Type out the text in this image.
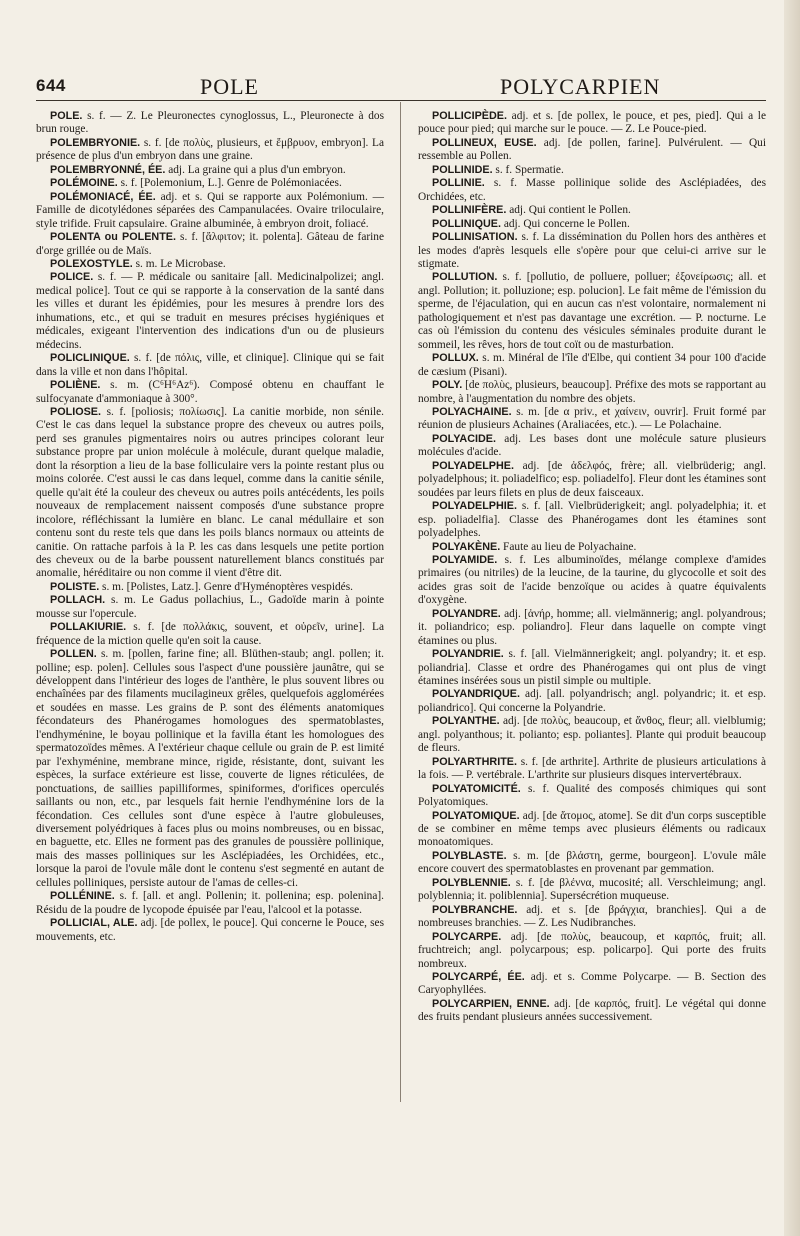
644	POLE	POLYCARPIEN

POLE. s. f. — Z. Le Pleuronectes cynoglossus, L., Pleuronecte à dos brun rouge.

POLEMBRYONIE. s. f. [de πολὺς, plusieurs, et ἔμβρυον, embryon]. La présence de plus d'un embryon dans une graine.

POLEMBRYONNÉ, ÉE. adj. La graine qui a plus d'un embryon.

POLÉMOINE. s. f. [Polemonium, L.]. Genre de Polémoniacées.

POLÉMONIACÉ, ÉE. adj. et s. Qui se rapporte aux Polémonium. — Famille de dicotylédones séparées des Campanulacées. Ovaire triloculaire, style trifide. Fruit capsulaire. Graine albuminée, à embryon droit, foliacé.

POLENTA ou POLENTE. s. f. [ἄλφιτον; it. polenta]. Gâteau de farine d'orge grillée ou de Maïs.

POLEXOSTYLE. s. m. Le Microbase.

POLICE. s. f. — P. médicale ou sanitaire [all. Medicinalpolizei; angl. medical police]. Tout ce qui se rapporte à la conservation de la santé dans les villes et durant les épidémies, pour les mesures à prendre lors des inhumations, etc., et qui se traduit en mesures précises hygiéniques et médicales, exigeant l'intervention des indications d'un ou de plusieurs médecins.

POLICLINIQUE. s. f. [de πόλις, ville, et clinique]. Clinique qui se fait dans la ville et non dans l'hôpital.

POLIÈNE. s. m. (C⁶H⁶Az⁶). Composé obtenu en chauffant le sulfocyanate d'ammoniaque à 300°.

POLIOSE. s. f. [poliosis; πολίωσις]. La canitie morbide, non sénile. C'est le cas dans lequel la substance propre des cheveux ou autres poils, perd ses granules pigmentaires noirs ou autres principes colorant leur substance propre par union molécule à molécule, durant quelque maladie, dont la résorption a lieu de la base folliculaire vers la pointe restant plus ou moins colorée. C'est aussi le cas dans lequel, comme dans la canitie sénile, quelle qu'ait été la couleur des cheveux ou autres poils antécédents, les poils nouveaux de remplacement naissent composés d'une substance propre incolore, réfléchissant la lumière en blanc. Le canal médullaire et son contenu sont du reste tels que dans les poils blancs normaux ou atteints de canitie. On rattache parfois à la P. les cas dans lesquels une petite portion des cheveux ou de la barbe poussent naturellement blancs constitués par anomalie, héréditaire ou non comme il vient d'être dit.

POLISTE. s. m. [Polistes, Latz.]. Genre d'Hyménoptères vespidés.

POLLACH. s. m. Le Gadus pollachius, L., Gadoïde marin à pointe mousse sur l'opercule.

POLLAKIURIE. s. f. [de πολλάκις, souvent, et οὐρεῖν, urine]. La fréquence de la miction quelle qu'en soit la cause.

POLLEN. s. m. [pollen, farine fine; all. Blüthen-staub; angl. pollen; it. polline; esp. polen]. Cellules sous l'aspect d'une poussière jaunâtre, qui se développent dans l'intérieur des loges de l'anthère, le plus souvent libres ou enchaînées par des filaments mucilagineux grêles, quelquefois agglomérées et soudées en masse. Les grains de P. sont des éléments anatomiques fécondateurs des Phanérogames homologues des spermatoblastes, l'endhyménine, le boyau pollinique et la favilla étant les homologues des spermatozoïdes mêmes. A l'extérieur chaque cellule ou grain de P. est limité par l'exhyménine, membrane mince, rigide, résistante, dont, suivant les espèces, la surface extérieure est lisse, couverte de lignes réticulées, de ponctuations, de saillies papilliformes, spiniformes, d'orifices operculés saillants ou non, etc., par lesquels fait hernie l'endhyménine lors de la fécondation. Ces cellules sont d'une espèce à l'autre globuleuses, diversement polyédriques à faces plus ou moins nombreuses, ou en bissac, en baguette, etc. Elles ne forment pas des granules de poussière pollinique, mais des masses polliniques sur les Asclépiadées, les Orchidées, etc., lorsque la paroi de l'ovule mâle dont le contenu s'est segmenté en autant de cellules polliniques, persiste autour de l'amas de celles-ci.

POLLÉNINE. s. f. [all. et angl. Pollenin; it. pollenina; esp. polenina]. Résidu de la poudre de lycopode épuisée par l'eau, l'alcool et la potasse.

POLLICIAL, ALE. adj. [de pollex, le pouce]. Qui concerne le Pouce, ses mouvements, etc.

POLLICIPÈDE. adj. et s. [de pollex, le pouce, et pes, pied]. Qui a le pouce pour pied; qui marche sur le pouce. — Z. Le Pouce-pied.

POLLINEUX, EUSE. adj. [de pollen, farine]. Pulvérulent. — Qui ressemble au Pollen.

POLLINIDE. s. f. Spermatie.

POLLINIE. s. f. Masse pollinique solide des Asclépiadées, des Orchidées, etc.

POLLINIFÈRE. adj. Qui contient le Pollen.

POLLINIQUE. adj. Qui concerne le Pollen.

POLLINISATION. s. f. La dissémination du Pollen hors des anthères et les modes d'après lesquels elle s'opère pour que celui-ci arrive sur le stigmate.

POLLUTION. s. f. [pollutio, de polluere, polluer; ἐξονείρωσις; all. et angl. Pollution; it. polluzione; esp. polucion]. Le fait même de l'émission du sperme, de l'éjaculation, qui en aucun cas n'est volontaire, normalement ni pathologiquement et n'est pas davantage une excrétion. — P. nocturne. Le cas où l'émission du contenu des vésicules séminales produite durant le sommeil, les rêves, hors de tout coït ou de masturbation.

POLLUX. s. m. Minéral de l'île d'Elbe, qui contient 34 pour 100 d'acide de cæsium (Pisani).

POLY. [de πολὺς, plusieurs, beaucoup]. Préfixe des mots se rapportant au nombre, à l'augmentation du nombre des objets.

POLYACHAINE. s. m. [de α priv., et χαίνειν, ouvrir]. Fruit formé par réunion de plusieurs Achaines (Araliacées, etc.). — Le Polachaine.

POLYACIDE. adj. Les bases dont une molécule sature plusieurs molécules d'acide.

POLYADELPHE. adj. [de ἀδελφός, frère; all. vielbrüderig; angl. polyadelphous; it. poliadelfico; esp. poliadelfo]. Fleur dont les étamines sont soudées par leurs filets en plus de deux faisceaux.

POLYADELPHIE. s. f. [all. Vielbrüderigkeit; angl. polyadelphia; it. et esp. poliadelfia]. Classe des Phanérogames dont les étamines sont polyadelphes.

POLYAKÈNE. Faute au lieu de Polyachaine.

POLYAMIDE. s. f. Les albuminoïdes, mélange complexe d'amides primaires (ou nitriles) de la leucine, de la taurine, du glycocolle et soit des acides gras soit de l'acide benzoïque ou acides à quatre équivalents d'oxygène.

POLYANDRE. adj. [ἀνήρ, homme; all. vielmännerig; angl. polyandrous; it. poliandrico; esp. poliandro]. Fleur dans laquelle on compte vingt étamines ou plus.

POLYANDRIE. s. f. [all. Vielmännerigkeit; angl. polyandry; it. et esp. poliandria]. Classe et ordre des Phanérogames qui ont plus de vingt étamines insérées sous un pistil simple ou multiple.

POLYANDRIQUE. adj. [all. polyandrisch; angl. polyandric; it. et esp. poliandrico]. Qui concerne la Polyandrie.

POLYANTHE. adj. [de πολὺς, beaucoup, et ἄνθος, fleur; all. vielblumig; angl. polyanthous; it. polianto; esp. poliantes]. Plante qui produit beaucoup de fleurs.

POLYARTHRITE. s. f. [de arthrite]. Arthrite de plusieurs articulations à la fois. — P. vertébrale. L'arthrite sur plusieurs disques intervertébraux.

POLYATOMICITÉ. s. f. Qualité des composés chimiques qui sont Polyatomiques.

POLYATOMIQUE. adj. [de ἄτομος, atome]. Se dit d'un corps susceptible de se combiner en même temps avec plusieurs éléments ou radicaux monoatomiques.

POLYBLASTE. s. m. [de βλάστη, germe, bourgeon]. L'ovule mâle encore couvert des spermatoblastes en provenant par gemmation.

POLYBLENNIE. s. f. [de βλέννα, mucosité; all. Verschleimung; angl. polyblennia; it. poliblennia]. Supersécrétion muqueuse.

POLYBRANCHE. adj. et s. [de βράγχια, branchies]. Qui a de nombreuses branchies. — Z. Les Nudibranches.

POLYCARPE. adj. [de πολὺς, beaucoup, et καρπός, fruit; all. fruchtreich; angl. polycarpous; esp. policarpo]. Qui porte des fruits nombreux.

POLYCARPÉ, ÉE. adj. et s. Comme Polycarpe. — B. Section des Caryophyllées.

POLYCARPIEN, ENNE. adj. [de καρπός, fruit]. Le végétal qui donne des fruits pendant plusieurs années successivement.
